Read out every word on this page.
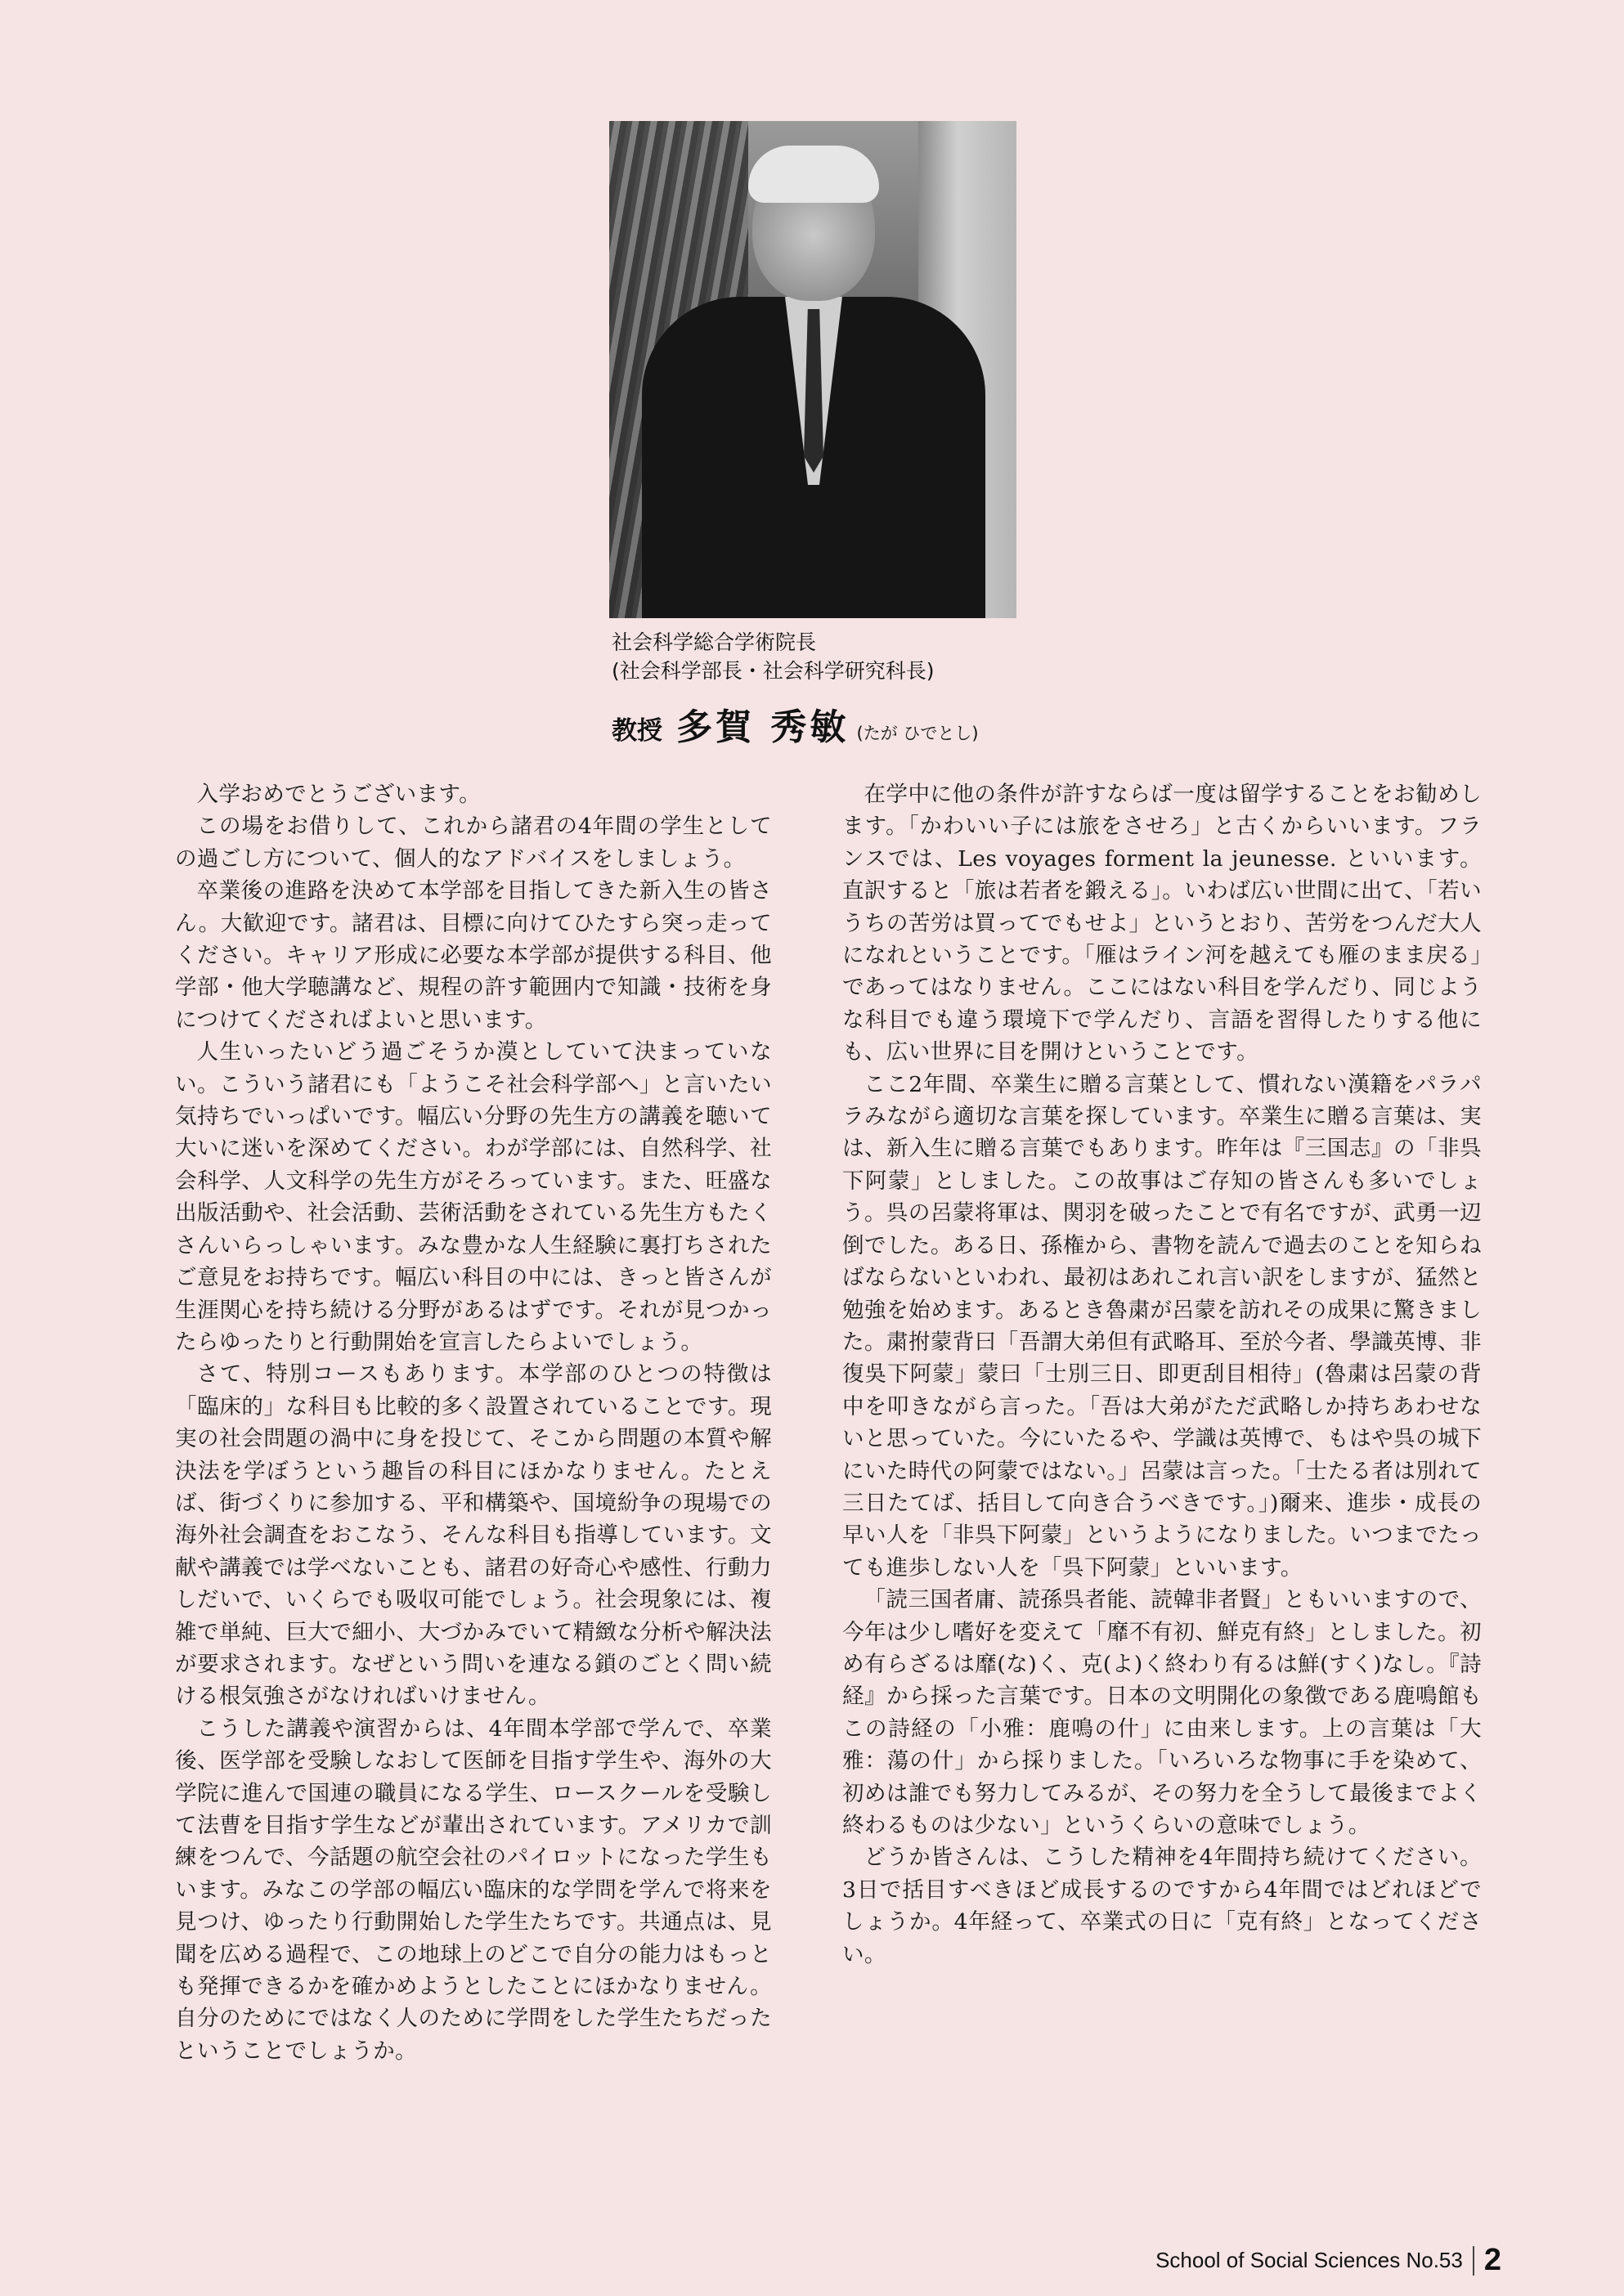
社会科学総合学術院長
(社会科学部長・社会科学研究科長)
教授 多賀 秀敏 (たが ひでとし)

入学おめでとうございます。

この場をお借りして、これから諸君の4年間の学生としての過ごし方について、個人的なアドバイスをしましょう。

卒業後の進路を決めて本学部を目指してきた新入生の皆さん。大歓迎です。諸君は、目標に向けてひたすら突っ走ってください。キャリア形成に必要な本学部が提供する科目、他学部・他大学聴講など、規程の許す範囲内で知識・技術を身につけてくださればよいと思います。

人生いったいどう過ごそうか漠としていて決まっていない。こういう諸君にも「ようこそ社会科学部へ」と言いたい気持ちでいっぱいです。幅広い分野の先生方の講義を聴いて大いに迷いを深めてください。わが学部には、自然科学、社会科学、人文科学の先生方がそろっています。また、旺盛な出版活動や、社会活動、芸術活動をされている先生方もたくさんいらっしゃいます。みな豊かな人生経験に裏打ちされたご意見をお持ちです。幅広い科目の中には、きっと皆さんが生涯関心を持ち続ける分野があるはずです。それが見つかったらゆったりと行動開始を宣言したらよいでしょう。

さて、特別コースもあります。本学部のひとつの特徴は「臨床的」な科目も比較的多く設置されていることです。現実の社会問題の渦中に身を投じて、そこから問題の本質や解決法を学ぼうという趣旨の科目にほかなりません。たとえば、街づくりに参加する、平和構築や、国境紛争の現場での海外社会調査をおこなう、そんな科目も指導しています。文献や講義では学べないことも、諸君の好奇心や感性、行動力しだいで、いくらでも吸収可能でしょう。社会現象には、複雑で単純、巨大で細小、大づかみでいて精緻な分析や解決法が要求されます。なぜという問いを連なる鎖のごとく問い続ける根気強さがなければいけません。

こうした講義や演習からは、4年間本学部で学んで、卒業後、医学部を受験しなおして医師を目指す学生や、海外の大学院に進んで国連の職員になる学生、ロースクールを受験して法曹を目指す学生などが輩出されています。アメリカで訓練をつんで、今話題の航空会社のパイロットになった学生もいます。みなこの学部の幅広い臨床的な学問を学んで将来を見つけ、ゆったり行動開始した学生たちです。共通点は、見聞を広める過程で、この地球上のどこで自分の能力はもっとも発揮できるかを確かめようとしたことにほかなりません。自分のためにではなく人のために学問をした学生たちだったということでしょうか。

在学中に他の条件が許すならば一度は留学することをお勧めします。「かわいい子には旅をさせろ」と古くからいいます。フランスでは、Les voyages forment la jeunesse. といいます。直訳すると「旅は若者を鍛える」。いわば広い世間に出て、「若いうちの苦労は買ってでもせよ」というとおり、苦労をつんだ大人になれということです。「雁はライン河を越えても雁のまま戻る」であってはなりません。ここにはない科目を学んだり、同じような科目でも違う環境下で学んだり、言語を習得したりする他にも、広い世界に目を開けということです。

ここ2年間、卒業生に贈る言葉として、慣れない漢籍をパラパラみながら適切な言葉を探しています。卒業生に贈る言葉は、実は、新入生に贈る言葉でもあります。昨年は『三国志』の「非呉下阿蒙」としました。この故事はご存知の皆さんも多いでしょう。呉の呂蒙将軍は、関羽を破ったことで有名ですが、武勇一辺倒でした。ある日、孫権から、書物を読んで過去のことを知らねばならないといわれ、最初はあれこれ言い訳をしますが、猛然と勉強を始めます。あるとき魯粛が呂蒙を訪れその成果に驚きました。粛拊蒙背曰「吾謂大弟但有武略耳、至於今者、學識英博、非復吳下阿蒙」蒙曰「士別三日、即更刮目相待」(魯粛は呂蒙の背中を叩きながら言った。「吾は大弟がただ武略しか持ちあわせないと思っていた。今にいたるや、学識は英博で、もはや呉の城下にいた時代の阿蒙ではない。」呂蒙は言った。「士たる者は別れて三日たてば、括目して向き合うべきです。」)爾来、進歩・成長の早い人を「非呉下阿蒙」というようになりました。いつまでたっても進歩しない人を「呉下阿蒙」といいます。

「読三国者庸、読孫呉者能、読韓非者賢」ともいいますので、今年は少し嗜好を変えて「靡不有初、鮮克有終」としました。初め有らざるは靡(な)く、克(よ)く終わり有るは鮮(すく)なし。『詩経』から採った言葉です。日本の文明開化の象徴である鹿鳴館もこの詩経の「小雅：鹿鳴の什」に由来します。上の言葉は「大雅：蕩の什」から採りました。「いろいろな物事に手を染めて、初めは誰でも努力してみるが、その努力を全うして最後までよく終わるものは少ない」というくらいの意味でしょう。

どうか皆さんは、こうした精神を4年間持ち続けてください。3日で括目すべきほど成長するのですから4年間ではどれほどでしょうか。4年経って、卒業式の日に「克有終」となってください。

School of Social Sciences No.53 2
